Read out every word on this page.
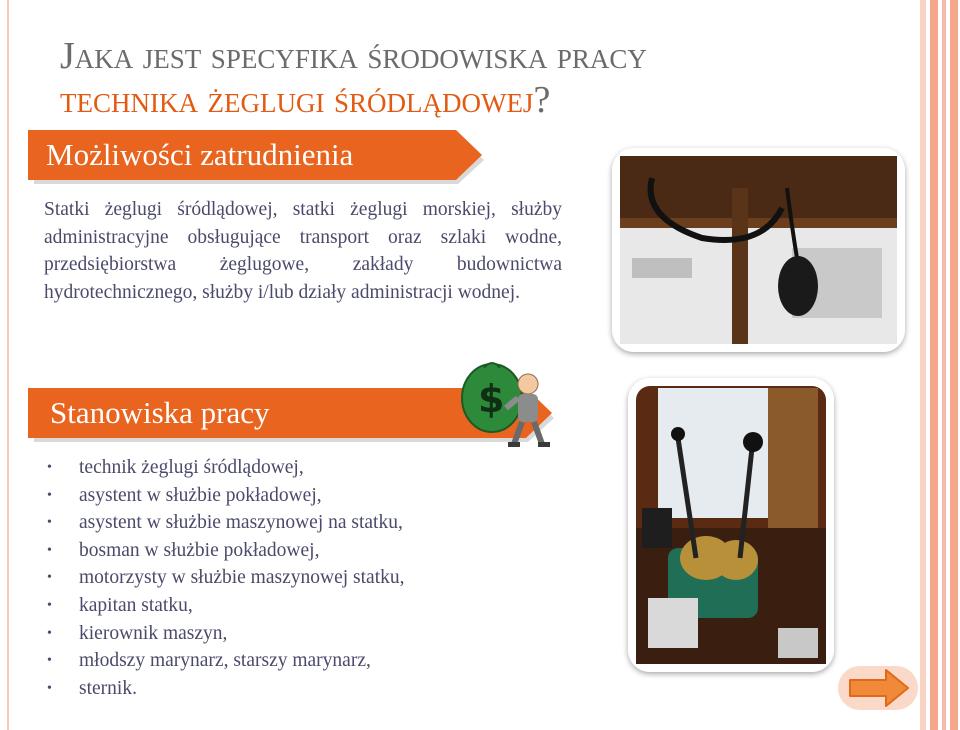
Jaka jest specyfika środowiska pracy
technika żeglugi śródlądowej?
Możliwości zatrudnienia

Statki żeglugi śródlądowej, statki żeglugi morskiej, służby administracyjne obsługujące transport oraz szlaki wodne, przedsiębiorstwa żeglugowe, zakłady budownictwa hydrotechnicznego, służby i/lub działy administracji wodnej.

Stanowiska pracy	$
• technik żeglugi śródlądowej,
• asystent w służbie pokładowej,
• asystent w służbie maszynowej na statku,
• bosman w służbie pokładowej,
• motorzysty w służbie maszynowej statku,
• kapitan statku,
• kierownik maszyn,
• młodszy marynarz, starszy marynarz,
• sternik.
